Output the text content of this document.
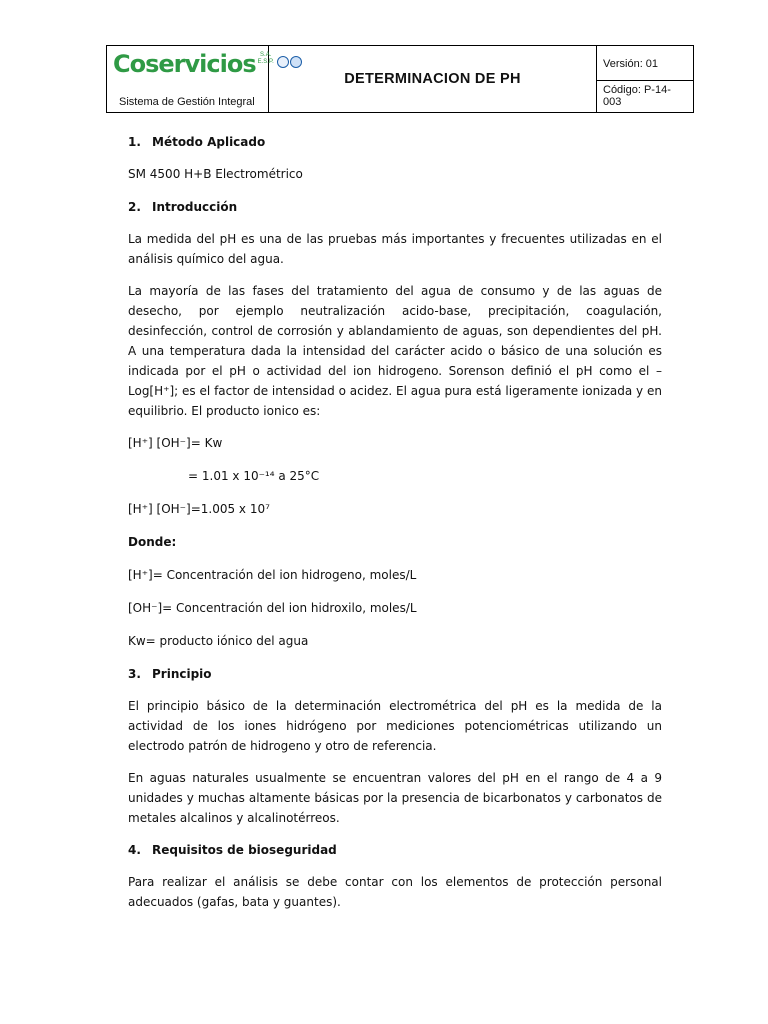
Coservicios S.A.
E.S.P.
Sistema de Gestión Integral
DETERMINACION DE PH
Versión: 01
Código: P-14-003
1. Método Aplicado

SM 4500 H+B Electrométrico

2. Introducción

La medida del pH es una de las pruebas más importantes y frecuentes utilizadas en el análisis químico del agua.

La mayoría de las fases del tratamiento del agua de consumo y de las aguas de desecho, por ejemplo neutralización acido-base, precipitación, coagulación, desinfección, control de corrosión y ablandamiento de aguas, son dependientes del pH. A una temperatura dada la intensidad del carácter acido o básico de una solución es indicada por el pH o actividad del ion hidrogeno. Sorenson definió el pH como el –Log[H⁺]; es el factor de intensidad o acidez. El agua pura está ligeramente ionizada y en equilibrio. El producto ionico es:

[H⁺] [OH⁻]= Kw

= 1.01 x 10⁻¹⁴ a 25°C

[H⁺] [OH⁻]=1.005 x 10⁷

Donde:

[H⁺]= Concentración del ion hidrogeno, moles/L

[OH⁻]= Concentración del ion hidroxilo, moles/L

Kw= producto iónico del agua

3. Principio

El principio básico de la determinación electrométrica del pH es la medida de la actividad de los iones hidrógeno por mediciones potenciométricas utilizando un electrodo patrón de hidrogeno y otro de referencia.

En aguas naturales usualmente se encuentran valores del pH en el rango de 4 a 9 unidades y muchas altamente básicas por la presencia de bicarbonatos y carbonatos de metales alcalinos y alcalinotérreos.

4. Requisitos de bioseguridad

Para realizar el análisis se debe contar con los elementos de protección personal adecuados (gafas, bata y guantes).
